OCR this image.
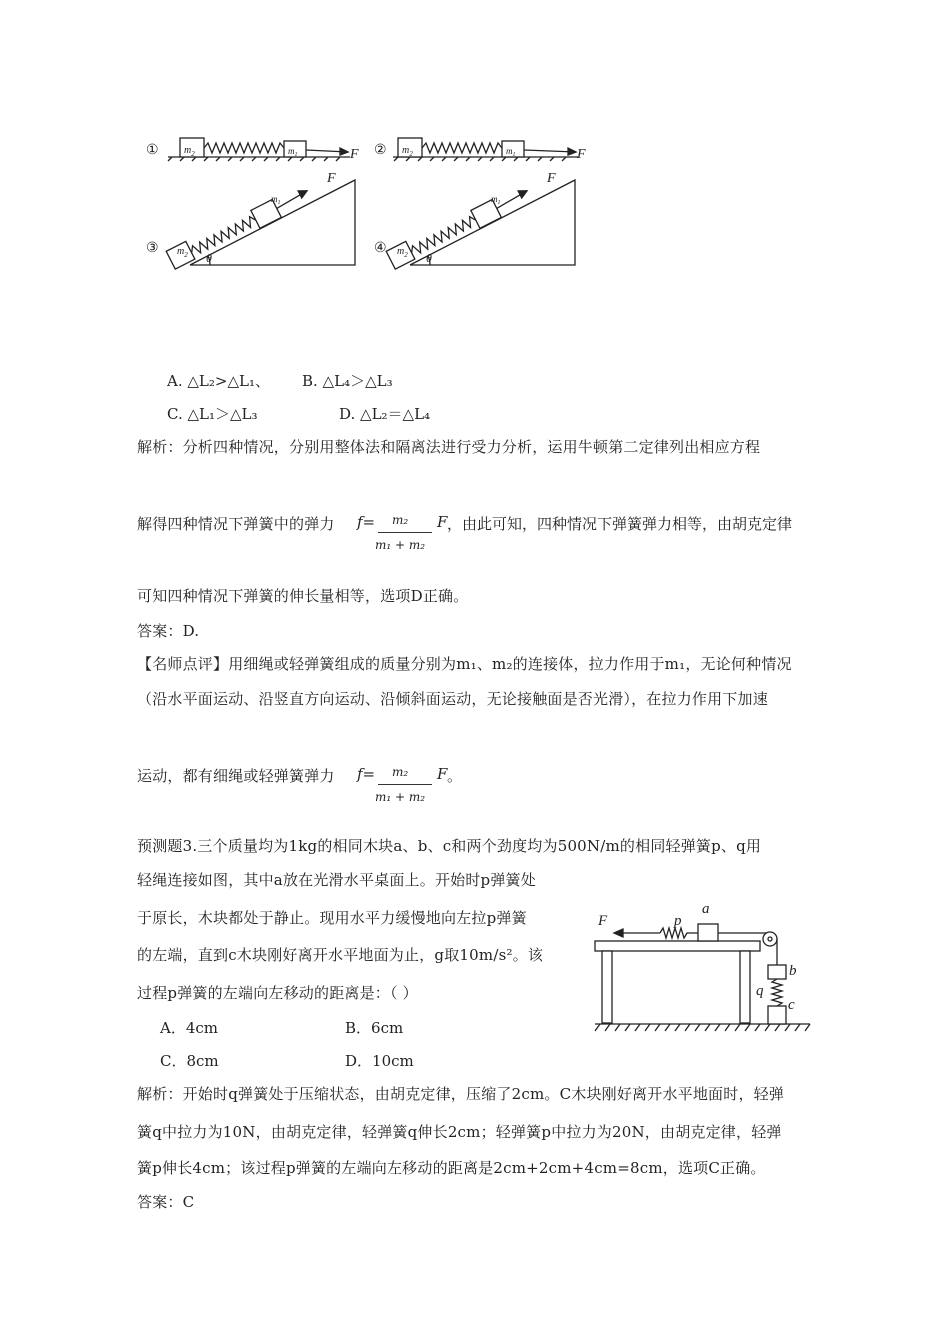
①	②
③	④
$m_2$	$m_1$	F	$m_2$	$m_1$	F
$m_2$
$m_1$
F
θ	$m_2$
$m_1$
F
θ
A. △L₂>△L₁、 B. △L₄＞△L₃
C. △L₁＞△L₃	D. △L₂＝△L₄
解析：分析四种情况，分别用整体法和隔离法进行受力分析，运用牛顿第二定律列出相应方程
解得四种情况下弹簧中的弹力 f= m₂
m₁ + m₂
F ，由此可知，四种情况下弹簧弹力相等，由胡克定律
可知四种情况下弹簧的伸长量相等，选项D正确。
答案：D.
【名师点评】用细绳或轻弹簧组成的质量分别为m₁、m₂的连接体，拉力作用于m₁，无论何种情况
（沿水平面运动、沿竖直方向运动、沿倾斜面运动，无论接触面是否光滑），在拉力作用下加速
运动，都有细绳或轻弹簧弹力 f= m₂
m₁ + m₂
F 。
预测题3.三个质量均为1kg的相同木块a、b、c和两个劲度均为500N/m的相同轻弹簧p、q用
轻绳连接如图，其中a放在光滑水平桌面上。开始时p弹簧处
于原长，木块都处于静止。现用水平力缓慢地向左拉p弹簧
的左端，直到c木块刚好离开水平地面为止，g取10m/s²。该
过程p弹簧的左端向左移动的距离是：（ ）
A．4cm	B．6cm
C．8cm	D．10cm
F	p
a
b
q
c
解析：开始时q弹簧处于压缩状态，由胡克定律，压缩了2cm。C木块刚好离开水平地面时，轻弹
簧q中拉力为10N，由胡克定律，轻弹簧q伸长2cm；轻弹簧p中拉力为20N，由胡克定律，轻弹
簧p伸长4cm；该过程p弹簧的左端向左移动的距离是2cm+2cm+4cm=8cm，选项C正确。
答案：C
